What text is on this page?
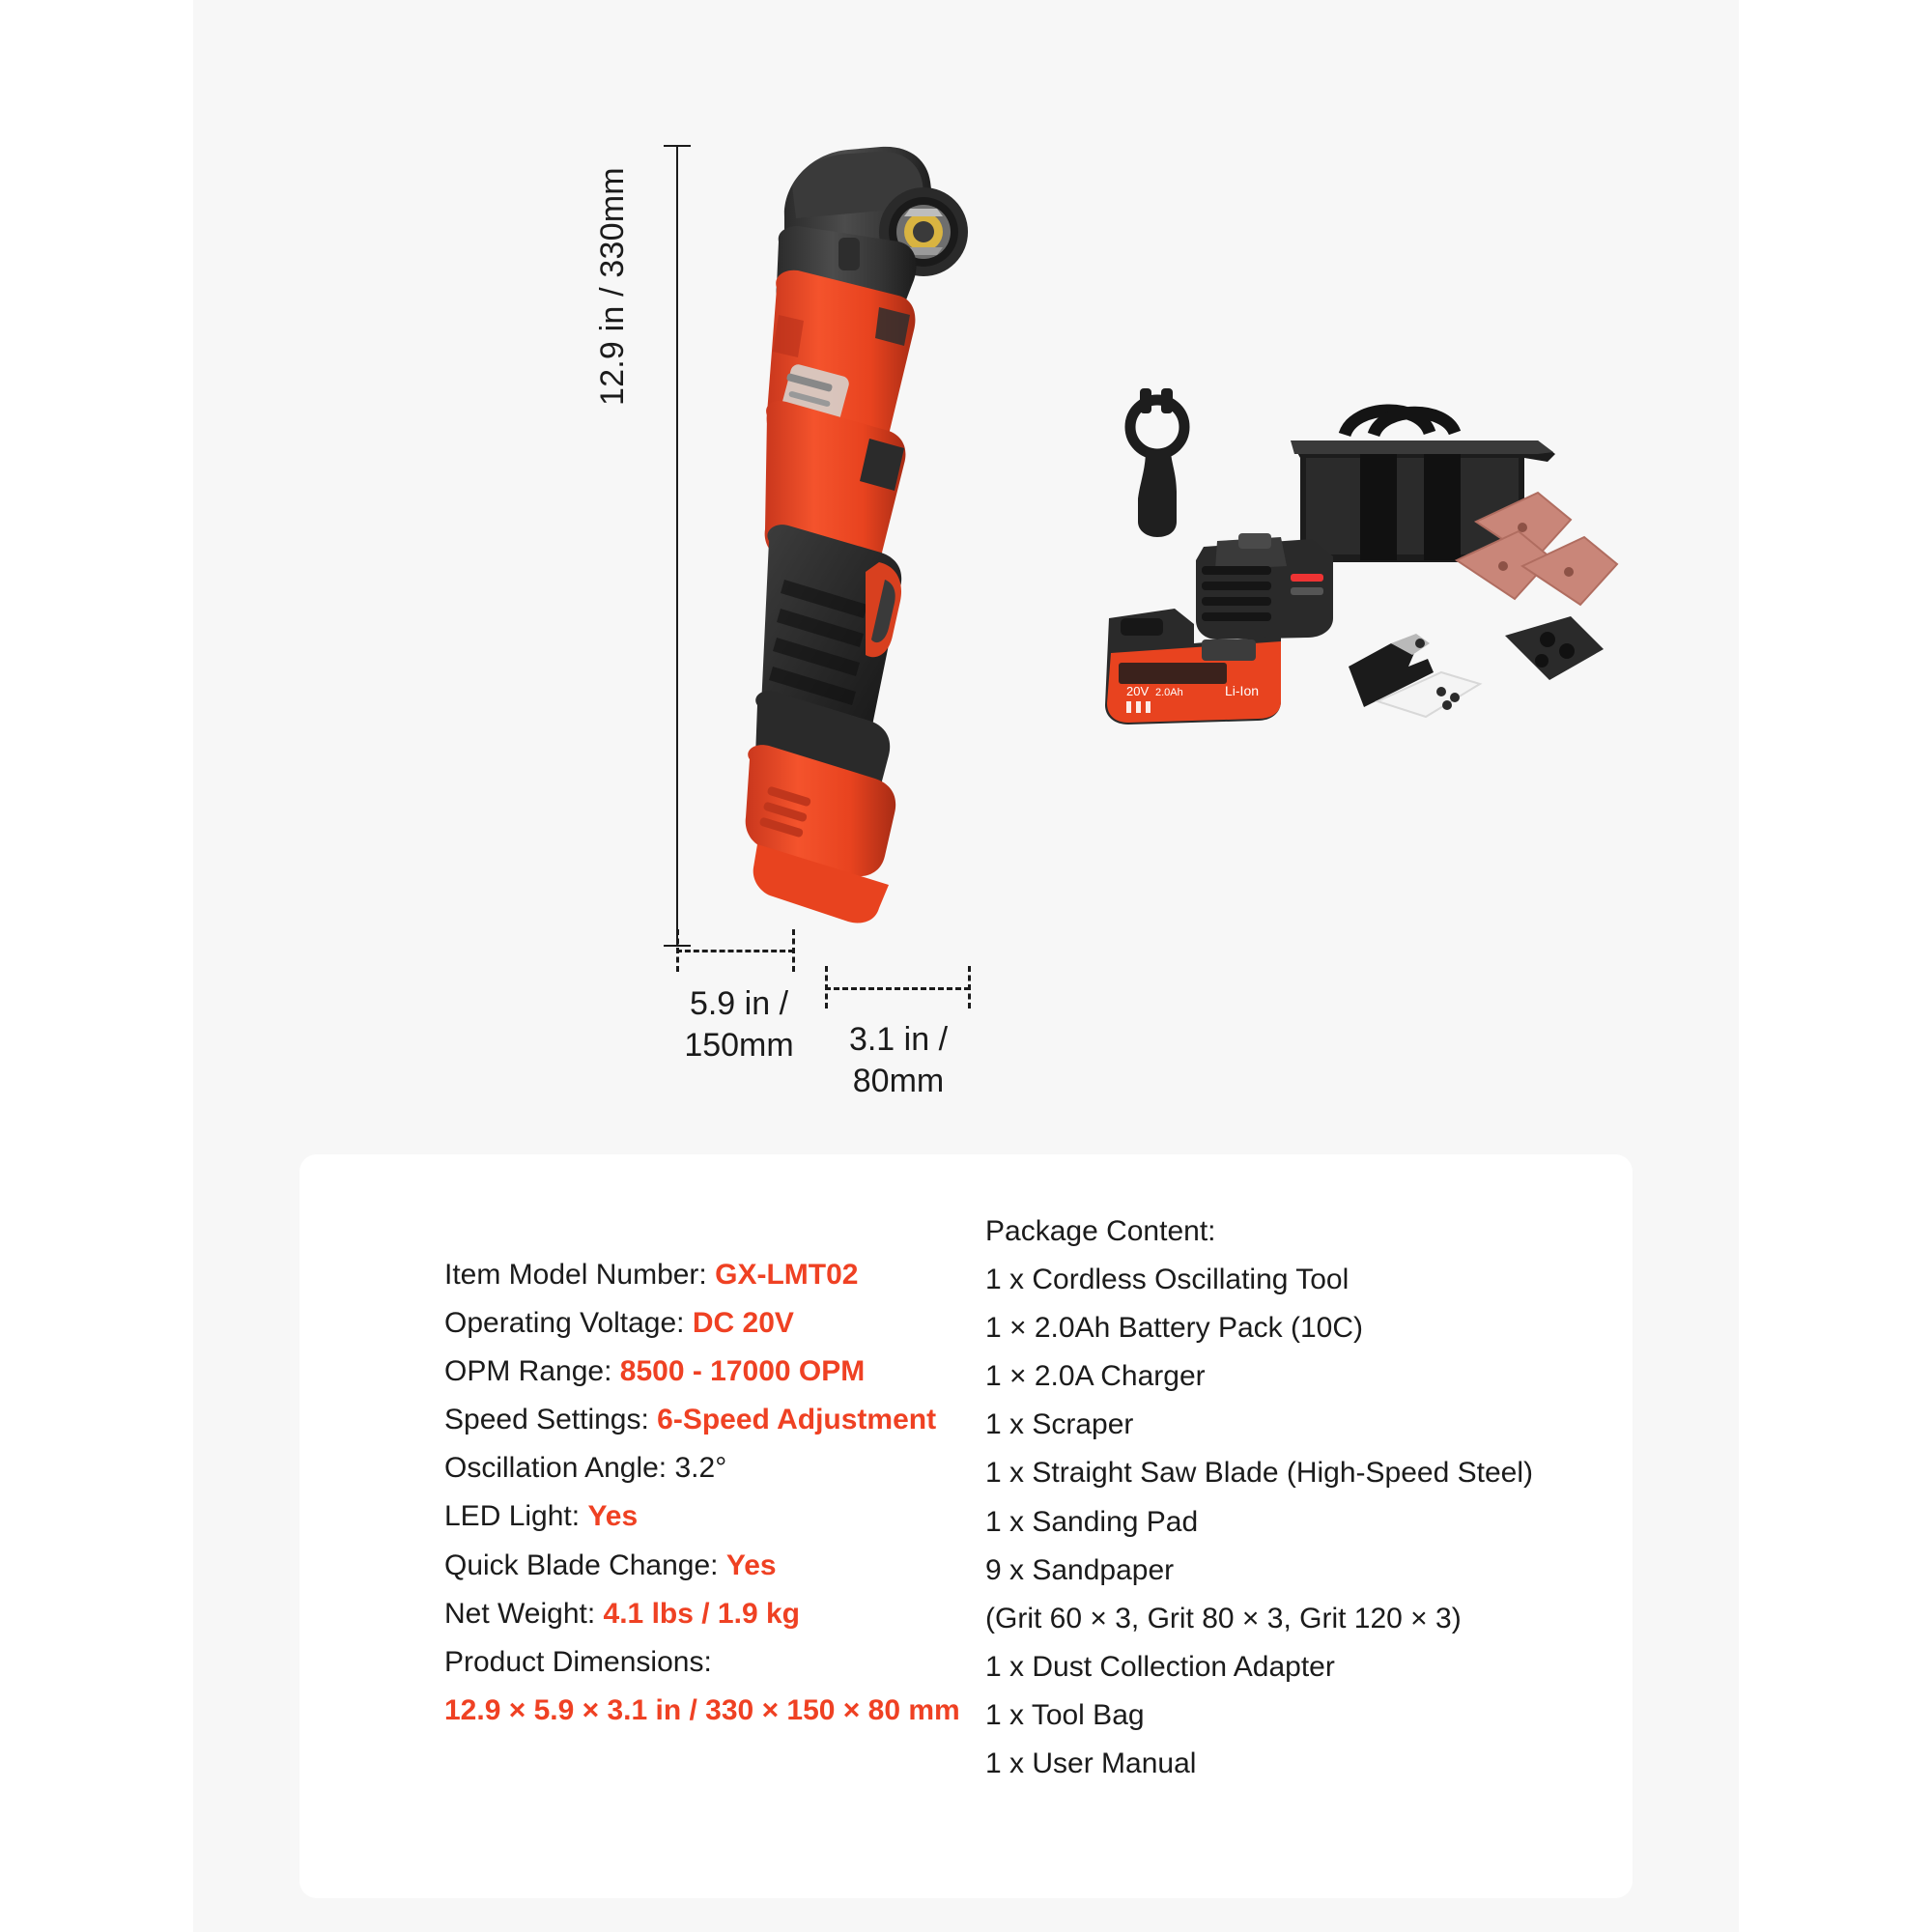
12.9 in / 330mm
20V 2.0Ah	Li-Ion
5.9 in /
150mm	3.1 in /
80mm
Item Model Number: GX-LMT02
Operating Voltage: DC 20V
OPM Range: 8500 - 17000 OPM
Speed Settings: 6-Speed Adjustment
Oscillation Angle: 3.2°
LED Light: Yes
Quick Blade Change: Yes
Net Weight: 4.1 lbs / 1.9 kg
Product Dimensions:
12.9 × 5.9 × 3.1 in / 330 × 150 × 80 mm
Package Content:
1 x Cordless Oscillating Tool
1 × 2.0Ah Battery Pack (10C)
1 × 2.0A Charger
1 x Scraper
1 x Straight Saw Blade (High-Speed Steel)
1 x Sanding Pad
9 x Sandpaper
(Grit 60 × 3, Grit 80 × 3, Grit 120 × 3)
1 x Dust Collection Adapter
1 x Tool Bag
1 x User Manual
